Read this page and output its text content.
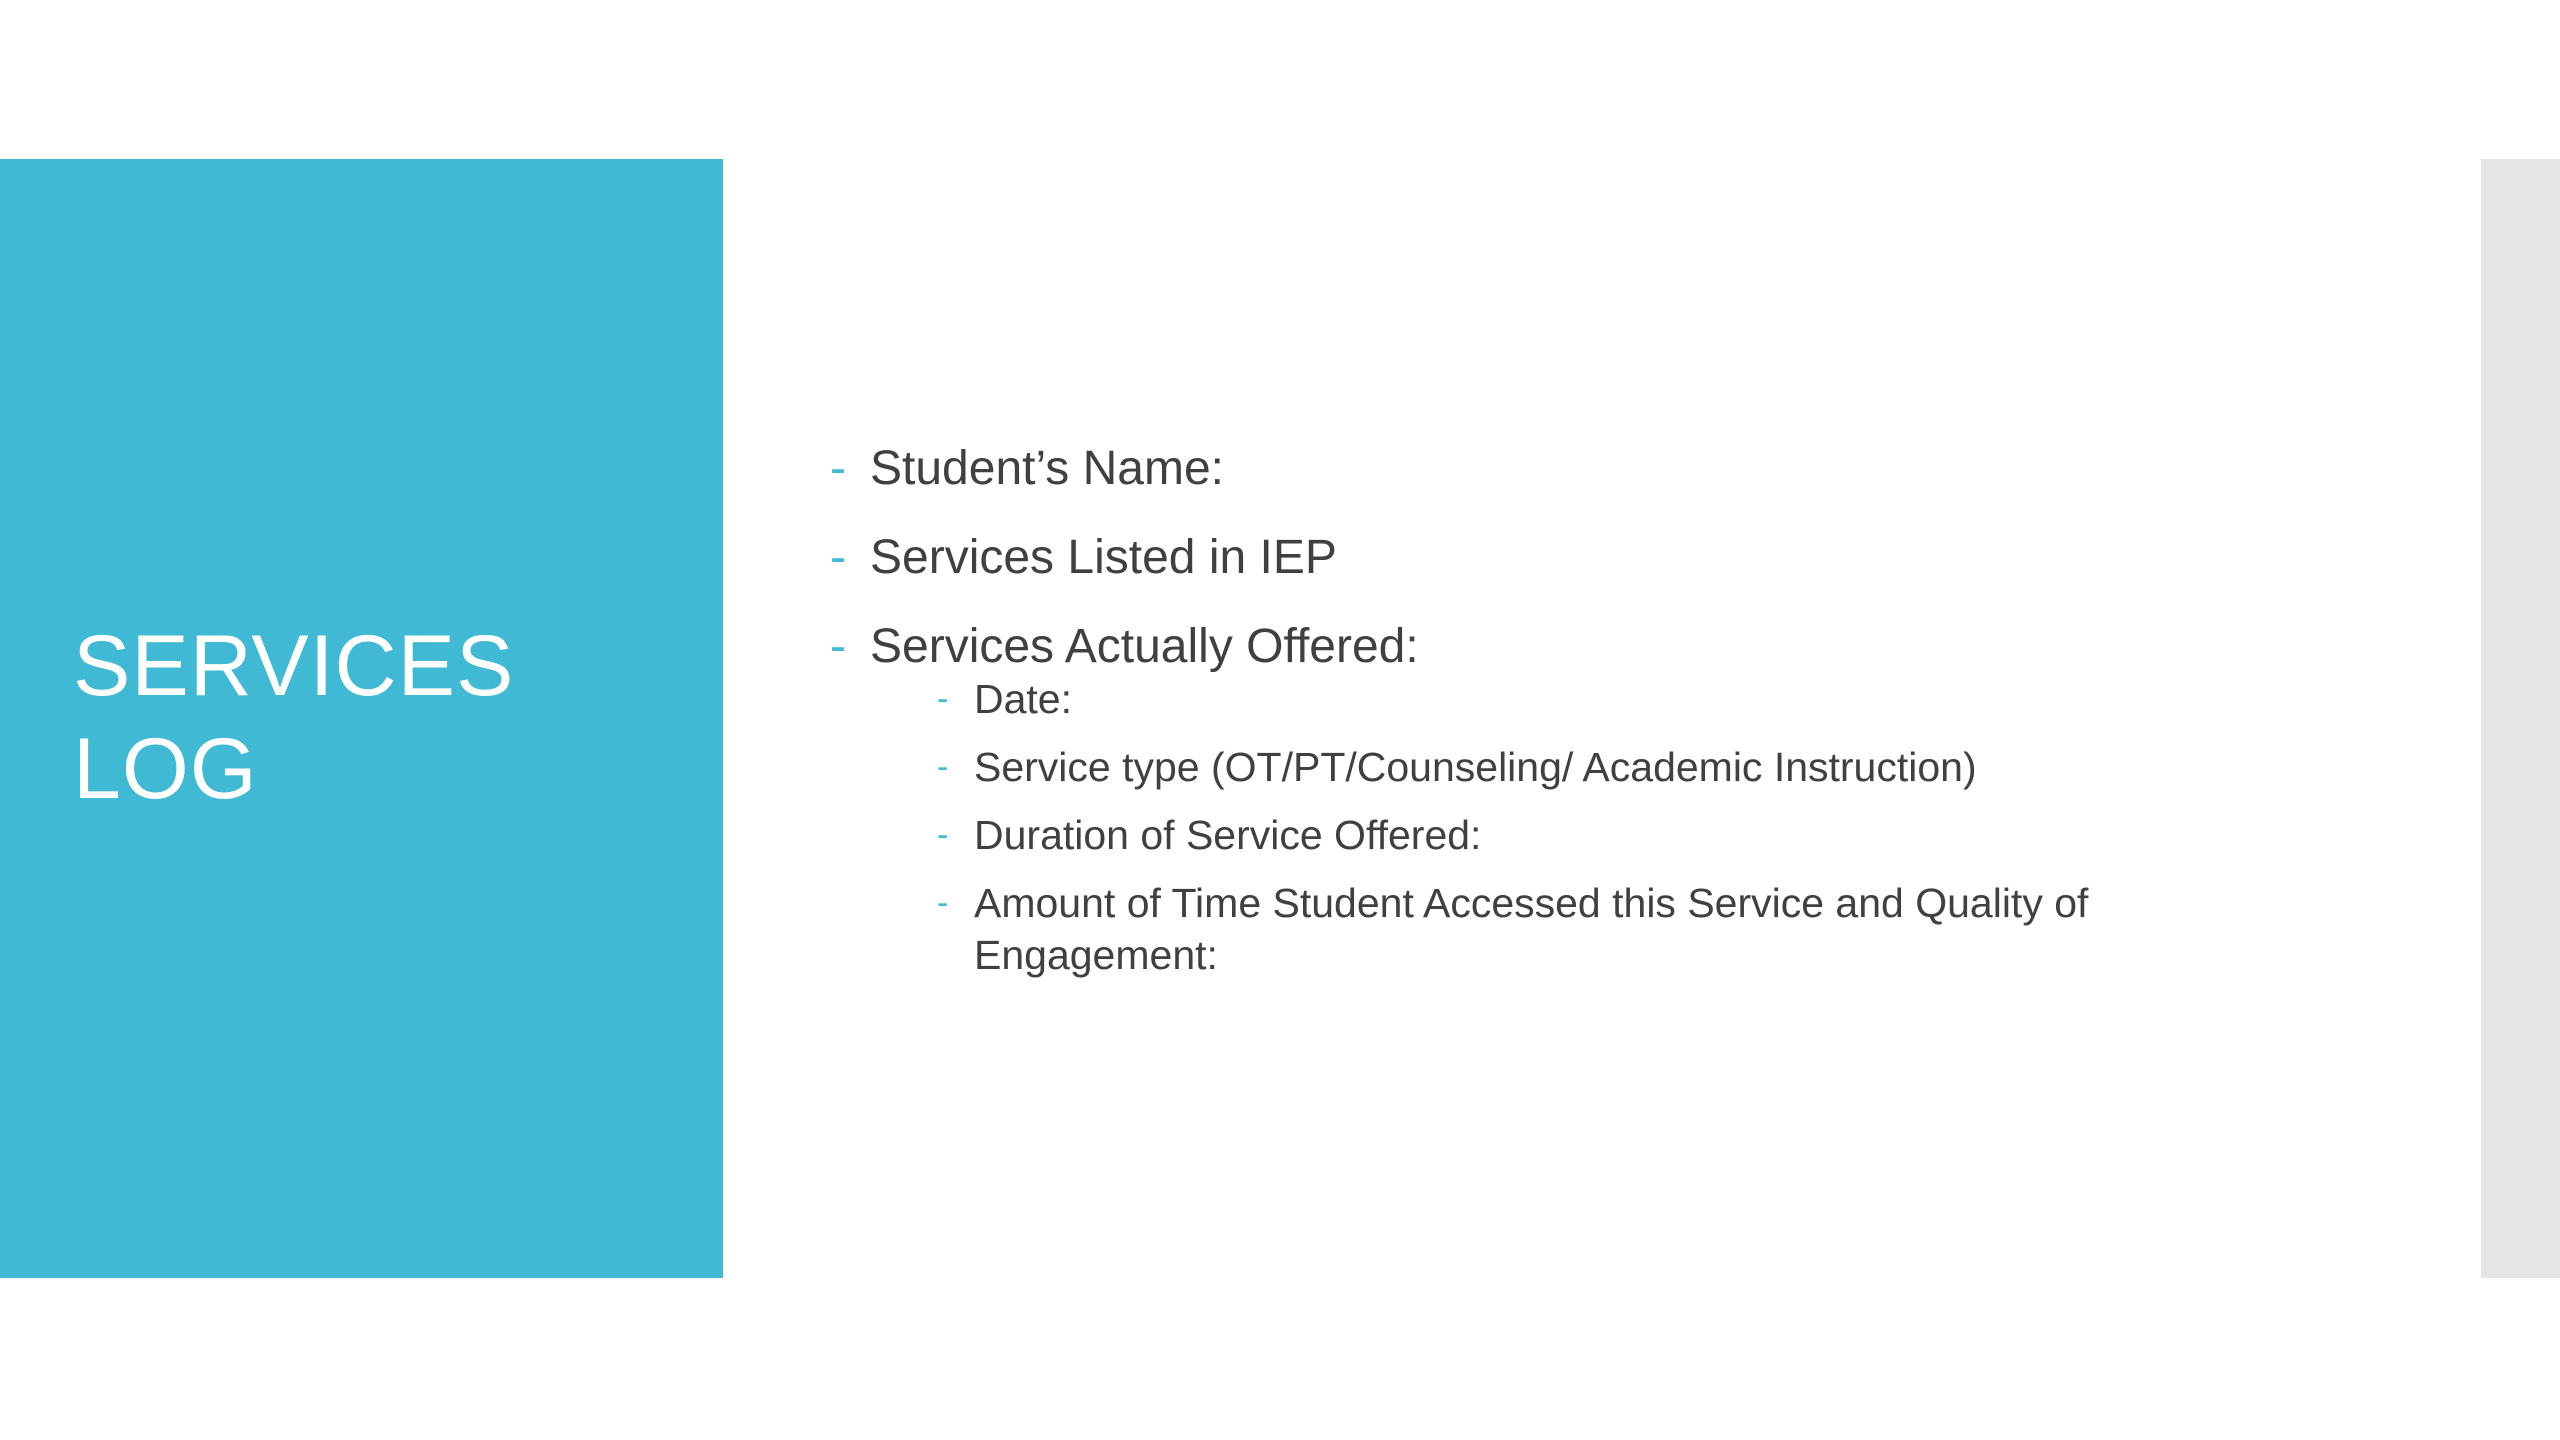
SERVICES
LOG
- Student’s Name:
- Services Listed in IEP
- Services Actually Offered:
- Date:
- Service type (OT/PT/Counseling/ Academic Instruction)
- Duration of Service Offered:
- Amount of Time Student Accessed this Service and Quality of Engagement:
